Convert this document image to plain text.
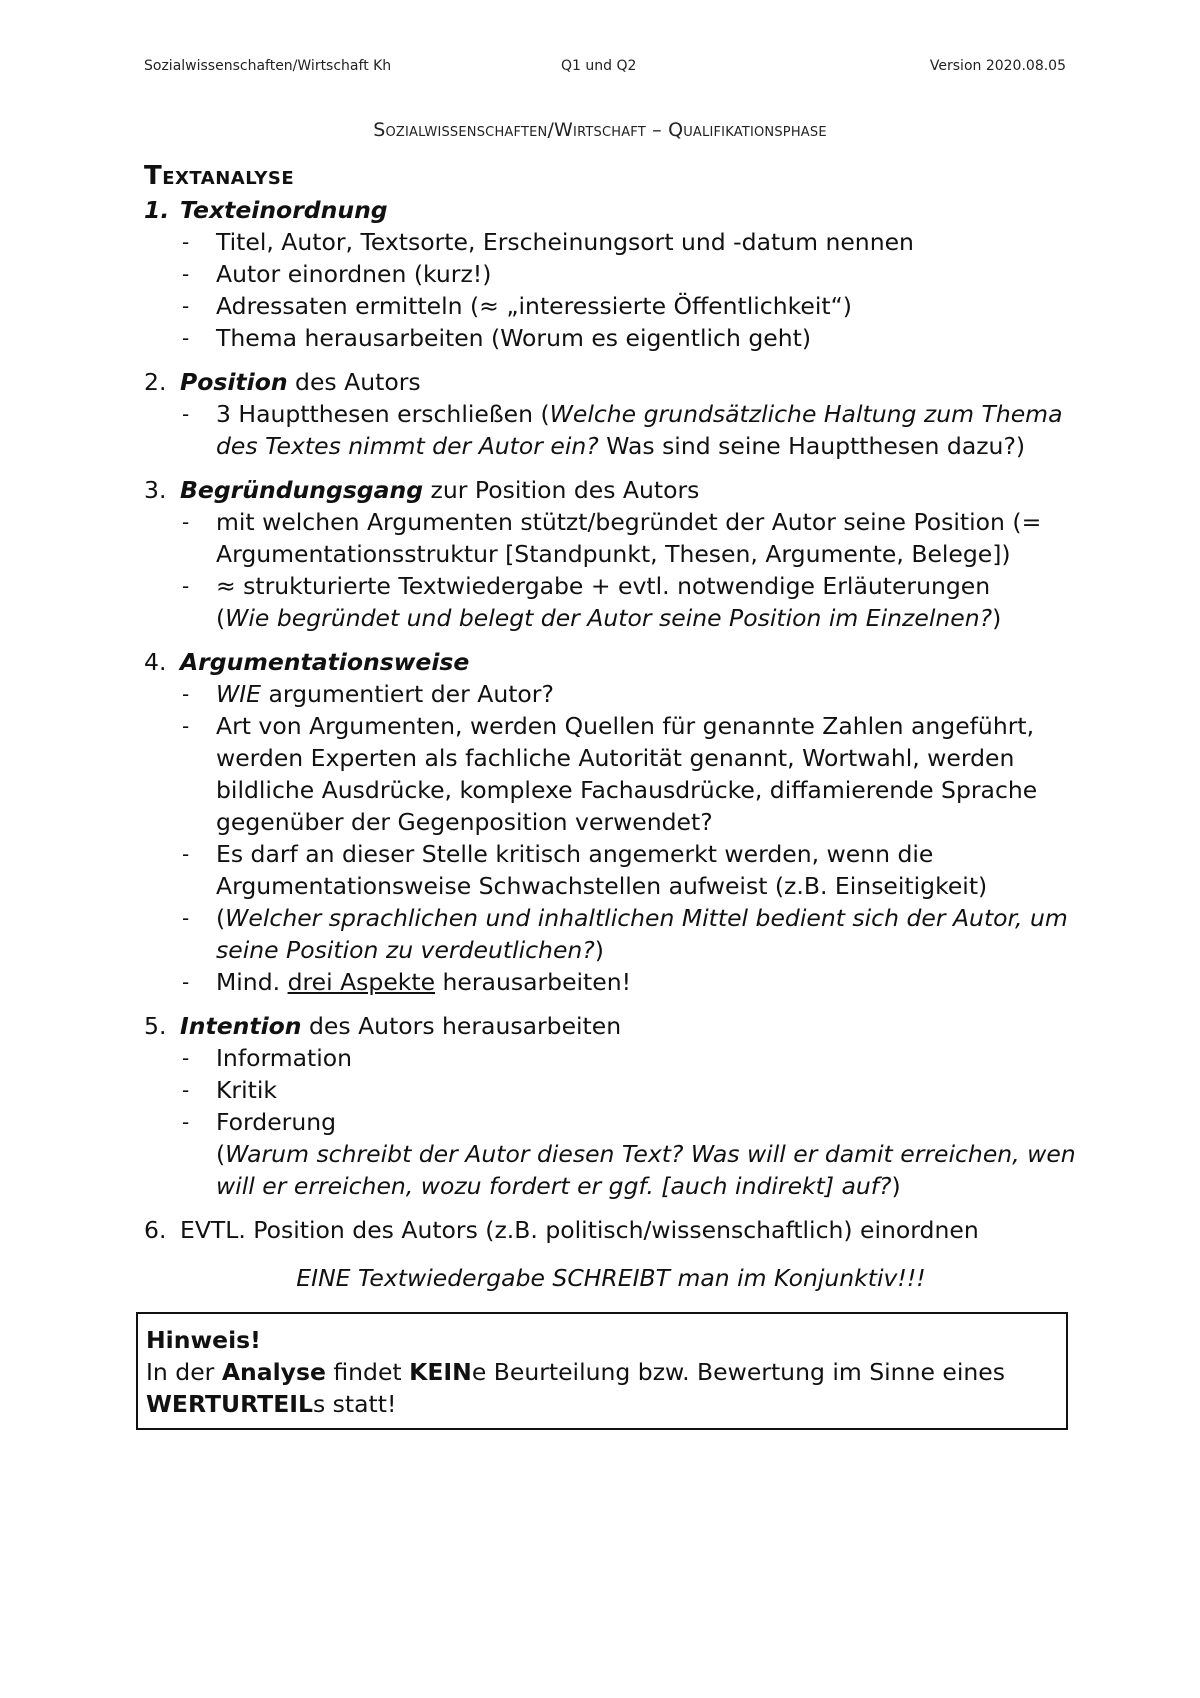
Sozialwissenschaften/Wirtschaft Kh	Q1 und Q2	Version 2020.08.05
Sozialwissenschaften/Wirtschaft – Qualifikationsphase
Textanalyse
1. Texteinordnung
- Titel, Autor, Textsorte, Erscheinungsort und -datum nennen
- Autor einordnen (kurz!)
- Adressaten ermitteln (≈ „interessierte Öffentlichkeit“)
- Thema herausarbeiten (Worum es eigentlich geht)
2. Position des Autors
- 3 Hauptthesen erschließen (Welche grundsätzliche Haltung zum Thema des Textes nimmt der Autor ein? Was sind seine Hauptthesen dazu?)
3. Begründungsgang zur Position des Autors
- mit welchen Argumenten stützt/begründet der Autor seine Position (= Argumentationsstruktur [Standpunkt, Thesen, Argumente, Belege])
- ≈ strukturierte Textwiedergabe + evtl. notwendige Erläuterungen
(Wie begründet und belegt der Autor seine Position im Einzelnen?)
4. Argumentationsweise
- WIE argumentiert der Autor?
- Art von Argumenten, werden Quellen für genannte Zahlen angeführt, werden Experten als fachliche Autorität genannt, Wortwahl, werden bildliche Ausdrücke, komplexe Fachausdrücke, diffamierende Sprache gegenüber der Gegenposition verwendet?
- Es darf an dieser Stelle kritisch angemerkt werden, wenn die Argumentationsweise Schwachstellen aufweist (z.B. Einseitigkeit)
- (Welcher sprachlichen und inhaltlichen Mittel bedient sich der Autor, um seine Position zu verdeutlichen?)
- Mind. drei Aspekte herausarbeiten!
5. Intention des Autors herausarbeiten
- Information
- Kritik
- Forderung
(Warum schreibt der Autor diesen Text? Was will er damit erreichen, wen will er erreichen, wozu fordert er ggf. [auch indirekt] auf?)
6. EVTL. Position des Autors (z.B. politisch/wissenschaftlich) einordnen
EINE Textwiedergabe SCHREIBT man im Konjunktiv!!!
Hinweis!
In der Analyse findet KEINe Beurteilung bzw. Bewertung im Sinne eines WERTURTEILs statt!
